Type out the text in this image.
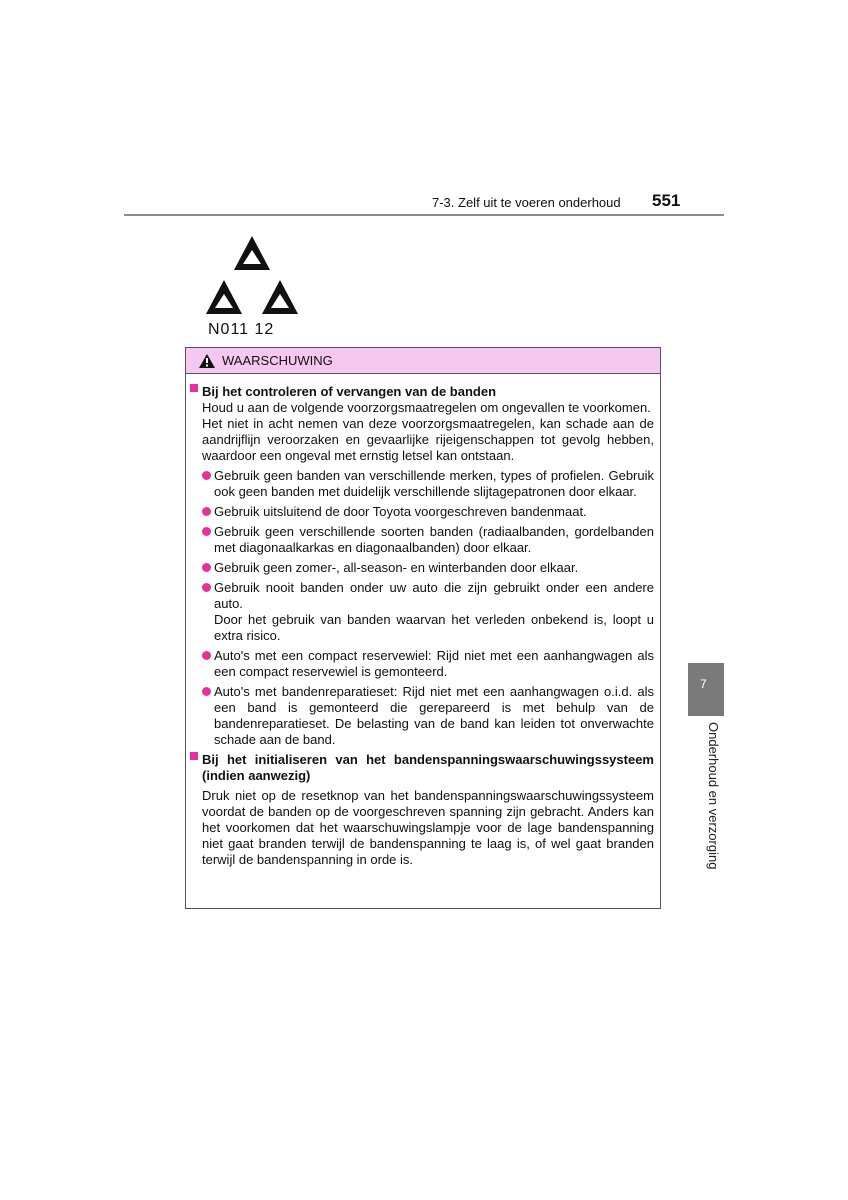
7-3. Zelf uit te voeren onderhoud 551
N011 12
WAARSCHUWING
Bij het controleren of vervangen van de banden
Houd u aan de volgende voorzorgsmaatregelen om ongevallen te voorkomen.
Het niet in acht nemen van deze voorzorgsmaatregelen, kan schade aan de aandrijflijn veroorzaken en gevaarlijke rijeigenschappen tot gevolg hebben, waardoor een ongeval met ernstig letsel kan ontstaan.
Gebruik geen banden van verschillende merken, types of profielen. Gebruik ook geen banden met duidelijk verschillende slijtagepatronen door elkaar.
Gebruik uitsluitend de door Toyota voorgeschreven bandenmaat.
Gebruik geen verschillende soorten banden (radiaalbanden, gordelbanden met diagonaalkarkas en diagonaalbanden) door elkaar.
Gebruik geen zomer-, all-season- en winterbanden door elkaar.
Gebruik nooit banden onder uw auto die zijn gebruikt onder een andere auto.
Door het gebruik van banden waarvan het verleden onbekend is, loopt u extra risico.
Auto's met een compact reservewiel: Rijd niet met een aanhangwagen als een compact reservewiel is gemonteerd.
Auto's met bandenreparatieset: Rijd niet met een aanhangwagen o.i.d. als een band is gemonteerd die gerepareerd is met behulp van de bandenreparatieset. De belasting van de band kan leiden tot onverwachte schade aan de band.
Bij het initialiseren van het bandenspanningswaarschuwingssysteem (indien aanwezig)
Druk niet op de resetknop van het bandenspanningswaarschuwingssysteem voordat de banden op de voorgeschreven spanning zijn gebracht. Anders kan het voorkomen dat het waarschuwingslampje voor de lage bandenspanning niet gaat branden terwijl de bandenspanning te laag is, of wel gaat branden terwijl de bandenspanning in orde is.
7
Onderhoud en verzorging
